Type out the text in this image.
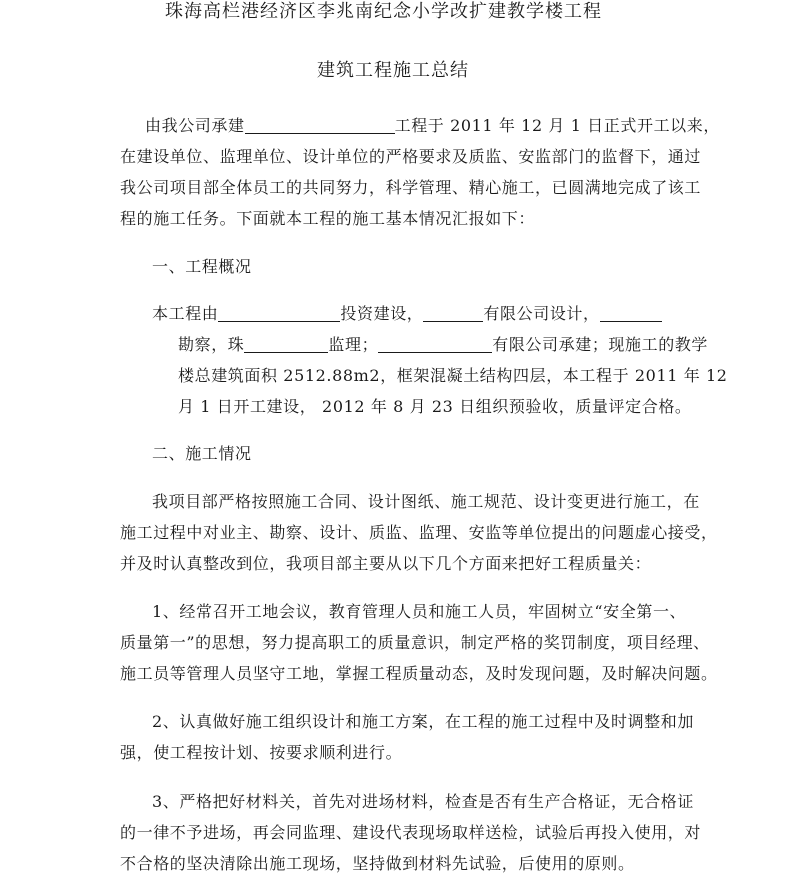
珠海高栏港经济区李兆南纪念小学改扩建教学楼工程
建筑工程施工总结
由我公司承建	工程于 2011 年 12 月 1 日正式开工以来，
在建设单位、监理单位、设计单位的严格要求及质监、安监部门的监督下，通过
我公司项目部全体员工的共同努力，科学管理、精心施工，已圆满地完成了该工
程的施工任务。下面就本工程的施工基本情况汇报如下：
一、工程概况
本工程由	投资建设，	有限公司设计，
勘察，珠	监理；	有限公司承建；现施工的教学
楼总建筑面积 2512.88m2，框架混凝土结构四层，本工程于 2011 年 12
月 1 日开工建设， 2012 年 8 月 23 日组织预验收，质量评定合格。
二、施工情况
我项目部严格按照施工合同、设计图纸、施工规范、设计变更进行施工，在
施工过程中对业主、勘察、设计、质监、监理、安监等单位提出的问题虚心接受，
并及时认真整改到位，我项目部主要从以下几个方面来把好工程质量关：
1、经常召开工地会议，教育管理人员和施工人员，牢固树立“安全第一、
质量第一”的思想，努力提高职工的质量意识，制定严格的奖罚制度，项目经理、
施工员等管理人员坚守工地，掌握工程质量动态，及时发现问题，及时解决问题。
2、认真做好施工组织设计和施工方案，在工程的施工过程中及时调整和加
强，使工程按计划、按要求顺利进行。
3、严格把好材料关，首先对进场材料，检查是否有生产合格证，无合格证
的一律不予进场，再会同监理、建设代表现场取样送检，试验后再投入使用，对
不合格的坚决清除出施工现场，坚持做到材料先试验，后使用的原则。
